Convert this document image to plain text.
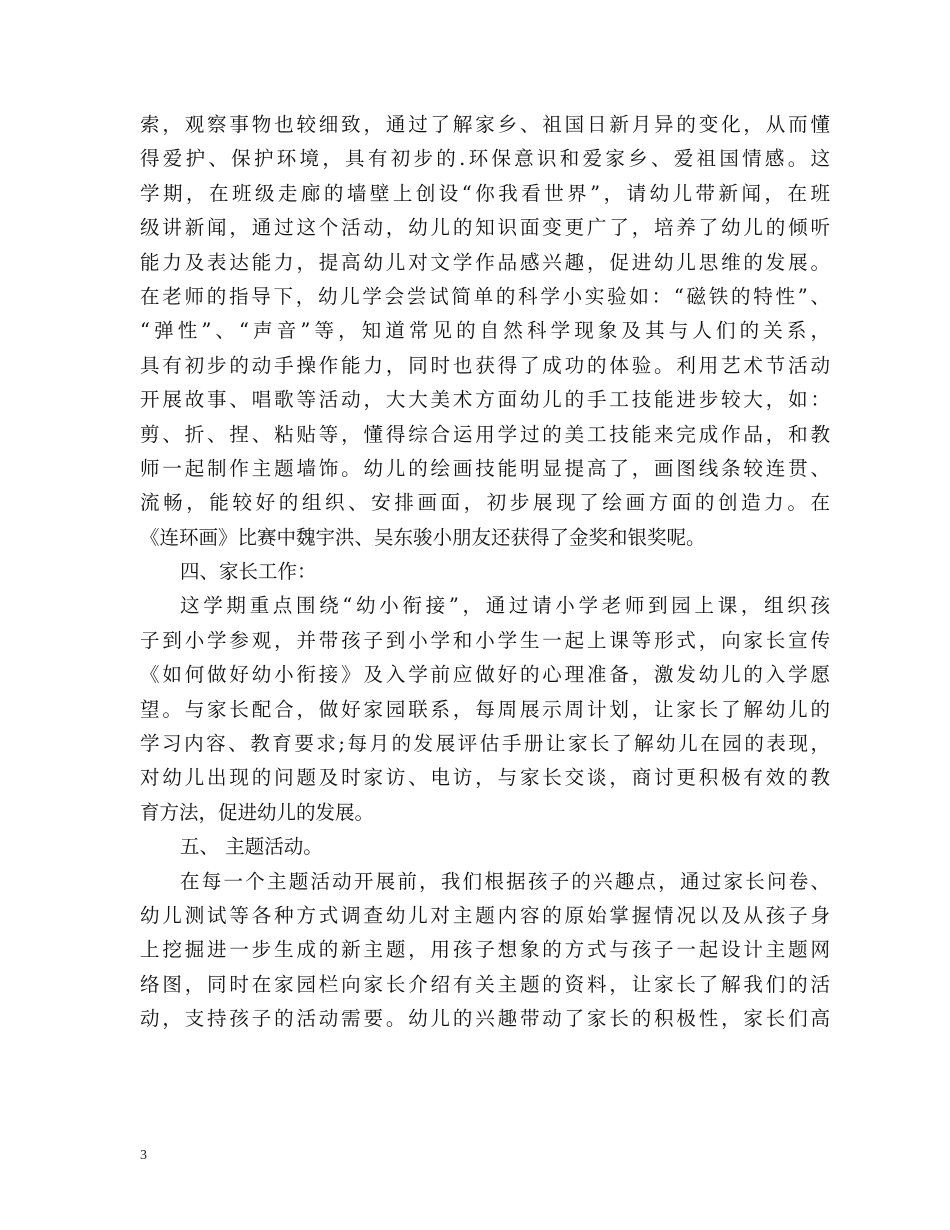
索，观察事物也较细致，通过了解家乡、祖国日新月异的变化，从而懂
得爱护、保护环境，具有初步的.环保意识和爱家乡、爱祖国情感。这
学期，在班级走廊的墙壁上创设“你我看世界”，请幼儿带新闻，在班
级讲新闻，通过这个活动，幼儿的知识面变更广了，培养了幼儿的倾听
能力及表达能力，提高幼儿对文学作品感兴趣，促进幼儿思维的发展。
在老师的指导下，幼儿学会尝试简单的科学小实验如：“磁铁的特性”、
“弹性”、“声音”等，知道常见的自然科学现象及其与人们的关系，
具有初步的动手操作能力，同时也获得了成功的体验。利用艺术节活动
开展故事、唱歌等活动，大大美术方面幼儿的手工技能进步较大，如：
剪、折、捏、粘贴等，懂得综合运用学过的美工技能来完成作品，和教
师一起制作主题墙饰。幼儿的绘画技能明显提高了，画图线条较连贯、
流畅，能较好的组织、安排画面，初步展现了绘画方面的创造力。在
《连环画》比赛中魏宇洪、吴东骏小朋友还获得了金奖和银奖呢。
四、家长工作：
这学期重点围绕“幼小衔接”，通过请小学老师到园上课，组织孩
子到小学参观，并带孩子到小学和小学生一起上课等形式，向家长宣传
《如何做好幼小衔接》及入学前应做好的心理准备，激发幼儿的入学愿
望。与家长配合，做好家园联系，每周展示周计划，让家长了解幼儿的
学习内容、教育要求;每月的发展评估手册让家长了解幼儿在园的表现，
对幼儿出现的问题及时家访、电访，与家长交谈，商讨更积极有效的教
育方法，促进幼儿的发展。
五、 主题活动。
在每一个主题活动开展前，我们根据孩子的兴趣点，通过家长问卷、
幼儿测试等各种方式调查幼儿对主题内容的原始掌握情况以及从孩子身
上挖掘进一步生成的新主题，用孩子想象的方式与孩子一起设计主题网
络图，同时在家园栏向家长介绍有关主题的资料，让家长了解我们的活
动，支持孩子的活动需要。幼儿的兴趣带动了家长的积极性，家长们高
3
